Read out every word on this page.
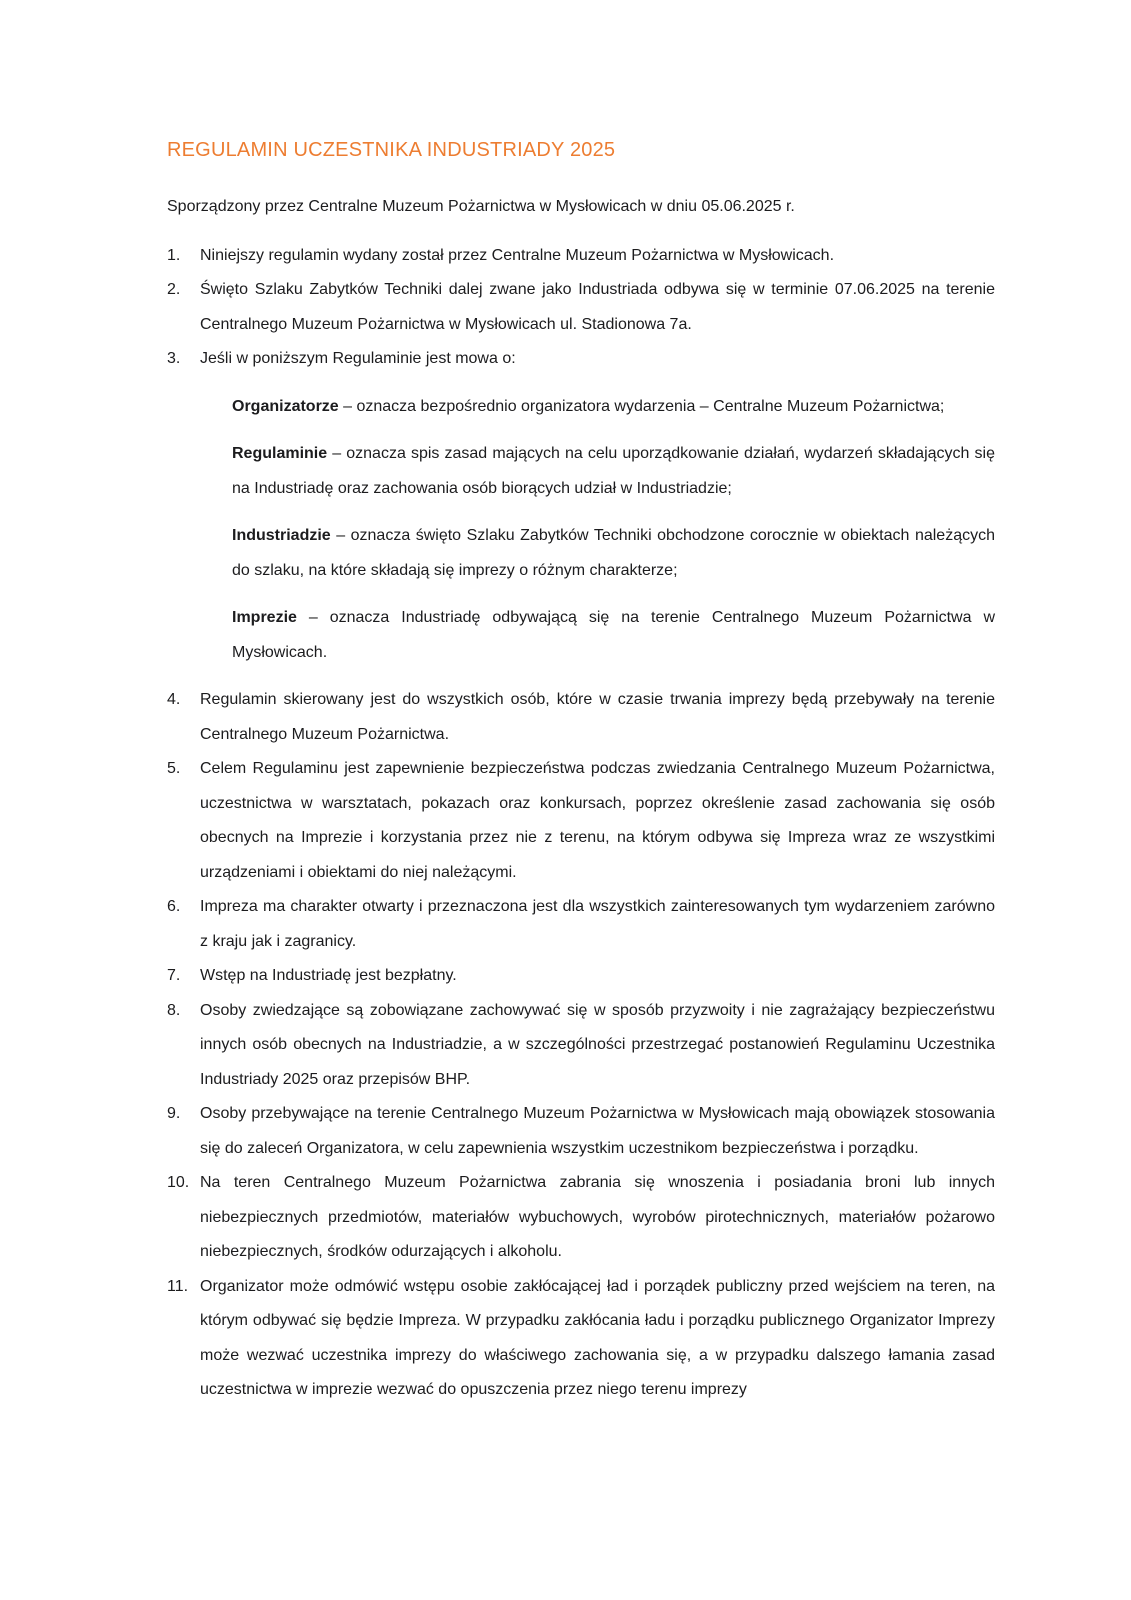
REGULAMIN UCZESTNIKA INDUSTRIADY 2025

Sporządzony przez Centralne Muzeum Pożarnictwa w Mysłowicach w dniu 05.06.2025 r.

1.	Niniejszy regulamin wydany został przez Centralne Muzeum Pożarnictwa w Mysłowicach.
2.	Święto Szlaku Zabytków Techniki dalej zwane jako Industriada odbywa się w terminie 07.06.2025 na terenie Centralnego Muzeum Pożarnictwa w Mysłowicach ul. Stadionowa 7a.
3.	Jeśli w poniższym Regulaminie jest mowa o:

Organizatorze – oznacza bezpośrednio organizatora wydarzenia – Centralne Muzeum Pożarnictwa;

Regulaminie – oznacza spis zasad mających na celu uporządkowanie działań, wydarzeń składających się na Industriadę oraz zachowania osób biorących udział w Industriadzie;

Industriadzie – oznacza święto Szlaku Zabytków Techniki obchodzone corocznie w obiektach należących do szlaku, na które składają się imprezy o różnym charakterze;

Imprezie – oznacza Industriadę odbywającą się na terenie Centralnego Muzeum Pożarnictwa w Mysłowicach.

4.	Regulamin skierowany jest do wszystkich osób, które w czasie trwania imprezy będą przebywały na terenie Centralnego Muzeum Pożarnictwa.
5.	Celem Regulaminu jest zapewnienie bezpieczeństwa podczas zwiedzania Centralnego Muzeum Pożarnictwa, uczestnictwa w warsztatach, pokazach oraz konkursach, poprzez określenie zasad zachowania się osób obecnych na Imprezie i korzystania przez nie z terenu, na którym odbywa się Impreza wraz ze wszystkimi urządzeniami i obiektami do niej należącymi.
6.	Impreza ma charakter otwarty i przeznaczona jest dla wszystkich zainteresowanych tym wydarzeniem zarówno z kraju jak i zagranicy.
7.	Wstęp na Industriadę jest bezpłatny.
8.	Osoby zwiedzające są zobowiązane zachowywać się w sposób przyzwoity i nie zagrażający bezpieczeństwu innych osób obecnych na Industriadzie, a w szczególności przestrzegać postanowień Regulaminu Uczestnika Industriady 2025 oraz przepisów BHP.
9.	Osoby przebywające na terenie Centralnego Muzeum Pożarnictwa w Mysłowicach mają obowiązek stosowania się do zaleceń Organizatora, w celu zapewnienia wszystkim uczestnikom bezpieczeństwa i porządku.
10. Na teren Centralnego Muzeum Pożarnictwa zabrania się wnoszenia i posiadania broni lub innych niebezpiecznych przedmiotów, materiałów wybuchowych, wyrobów pirotechnicznych, materiałów pożarowo niebezpiecznych, środków odurzających i alkoholu.
11. Organizator może odmówić wstępu osobie zakłócającej ład i porządek publiczny przed wejściem na teren, na którym odbywać się będzie Impreza. W przypadku zakłócania ładu i porządku publicznego Organizator Imprezy może wezwać uczestnika imprezy do właściwego zachowania się, a w przypadku dalszego łamania zasad uczestnictwa w imprezie wezwać do opuszczenia przez niego terenu imprezy
